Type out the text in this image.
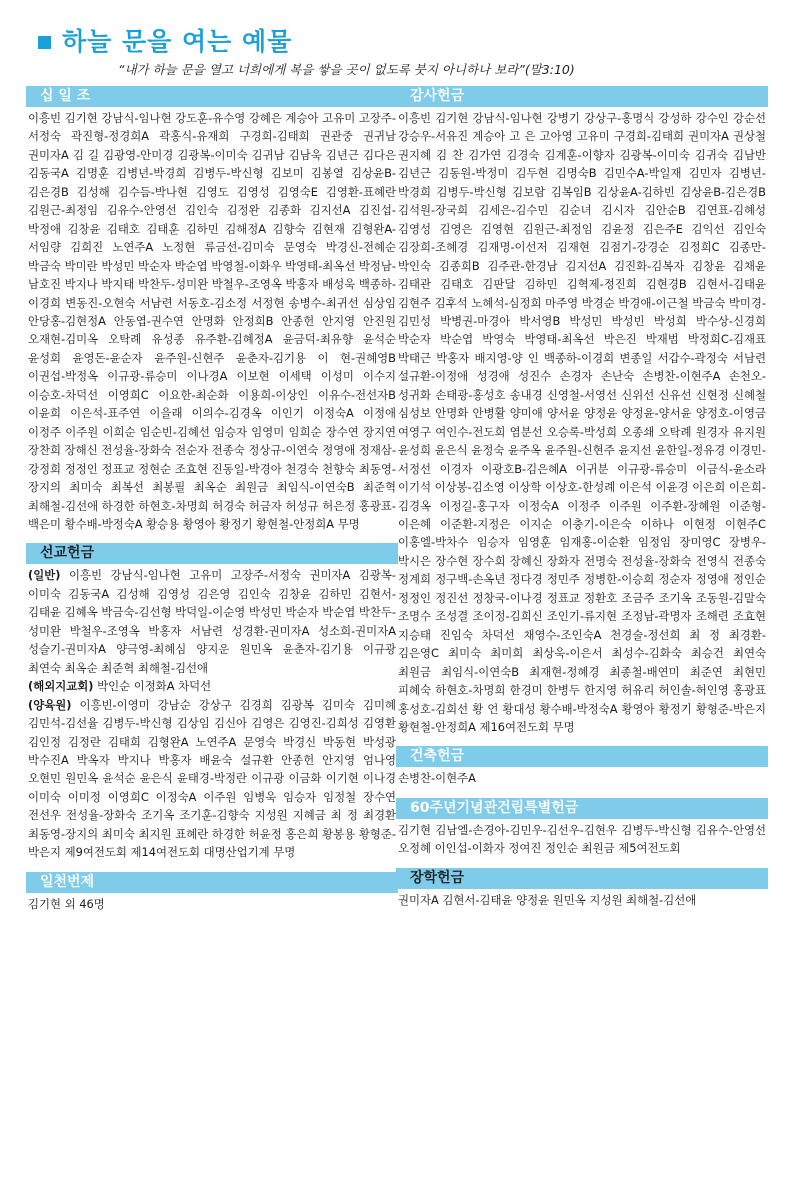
하늘 문을 여는 예물
“내가 하늘 문을 열고 너희에게 복을 쌓을 곳이 없도록 붓지 아니하나 보라”(말3:10)
십 일 조
이흥빈 김기현 강남식-임나현 강도훈-유수영 강혜은 계승아 고유미 고장주-서정숙 곽진형-정경희A 곽홍식-유재희 구경희-김태희 권관중 권귀남 권미자A 김 길 김광영-안미경 김광복-이미숙 김귀남 김남욱 김년근 김다은 김동국A 김명훈 김병년-박경희 김병두-박신형 김보미 김봉열 김상윤B-김은경B 김성해 김수듬-박나현 김영도 김영성 김영숙E 김영환-표혜란 김원근-최정임 김유수-안영선 김인숙 김정완 김종화 김지선A 김진섭-박정애 김창윤 김태호 김태훈 김하민 김해정A 김향숙 김현재 김형완A-서임량 김희진 노연주A 노정현 류금선-김미숙 문영숙 박경신-전혜순 박금숙 박미란 박성민 박순자 박순엽 박영철-이화우 박영태-최옥선 박정남-남호진 박지나 박지태 박찬두-성미완 박철우-조영옥 박홍자 배성욱 백종하-이경희 변동진-오현숙 서남련 서동호-김소정 서정현 송병수-최귀선 심상임 안당홍-김현정A 안동엽-권수연 안명화 안정희B 안종헌 안지영 안진원 오재현-김미옥 오탁례 유성종 유주환-김혜정A 윤금덕-최유향 윤석순 윤성희 윤영돈-윤순자 윤주원-신현주 윤춘자-김기용 이 현-권혜영B 이권섭-박정옥 이규광-류승미 이나경A 이보현 이세택 이성미 이수지 이승호-차덕선 이영희C 이요한-최순화 이용희-이상인 이유수-전선자B 이윤희 이은석-표주연 이을래 이의수-김경옥 이인기 이정숙A 이정애 이정주 이주원 이희순 임순빈-김혜선 임승자 임영미 임희순 장수연 장지연 장찬희 장해신 전성율-장화숙 전순자 전종숙 정상규-이연숙 정영애 정재삼-강정희 정정인 정표교 정현순 조효현 진동일-박경아 천경숙 천향숙 최동영-장지의 최미숙 최복선 최봉필 최옥순 최원금 최임식-이연숙B 최준혁 최해철-김선애 하경한 하현호-차명희 허경숙 허금자 허성규 허은정 홍광표-백은미 황수배-박정숙A 황승용 황영아 황정기 황현철-안정희A 무명
선교헌금
(일반) 이흥빈 강남식-임나현 고유미 고장주-서정숙 권미자A 김광복-이미숙 김동국A 김성해 김영성 김은영 김인숙 김창윤 김하민 김현서-김태윤 김혜옥 박금숙-김선형 박덕일-이순영 박성민 박순자 박순엽 박찬두-성미완 박철우-조영옥 박홍자 서남련 성경환-권미자A 성소희-권미자A 성슬기-권미자A 양극영-최혜심 양지운 원민옥 윤춘자-김기용 이규광 최연숙 최옥순 최준혁 최해철-김선애
(해외지교회) 박인순 이정화A 차덕선
(양육원) 이흥빈-이영미 강남순 강상구 김경희 김광복 김미숙 김미혜 김민석-김선율 김병두-박신형 김상임 김신아 김영은 김영진-김희성 김영환 김인정 김정란 김태희 김형완A 노연주A 문영숙 박경신 박동현 박성광 박수진A 박옥자 박지나 박홍자 배윤숙 설규환 안종헌 안지영 엄나영 오현민 원민옥 윤석순 윤은식 윤태경-박정란 이규광 이금화 이기현 이나경 이미숙 이미정 이영희C 이정숙A 이주원 임병욱 임승자 임정철 장수연 전선우 전성율-장화숙 조기옥 조기훈-김향숙 지성원 지혜금 최 정 최경환 최동영-장지의 최미숙 최지원 표혜란 하경한 허윤정 홍은희 황봉용 황형준-박은지 제9여전도회 제14여전도회 대명산업기계 무명
일천번제
김기현 외 46명
감사헌금
이흥빈 김기현 강남식-임나현 강병기 강상구-홍명식 강성하 강수인 강순선 강승우-서유진 계승아 고 은 고아영 고유미 구경희-김태희 권미자A 권상철 권지혜 김 찬 김가연 김경숙 김계훈-이향자 김광복-이미숙 김귀숙 김남반 김년근 김동원-박정미 김두현 김명숙B 김민수A-박일재 김민자 김병년-박경희 김병두-박신형 김보람 김복임B 김상윤A-김하빈 김상윤B-김은경B 김석원-장국희 김세은-김수민 김순녀 김시자 김안순B 김연표-김혜성 김영성 김영은 김영현 김원근-최정임 김윤정 김은주E 김익선 김인숙 김장희-조혜경 김재명-이선저 김재현 김점기-강경순 김정희C 김종만-박인숙 김종희B 김주관-한경남 김지선A 김진화-김복자 김창윤 김채윤 김태관 김태호 김판달 김하민 김혁제-정진희 김현경B 김현서-김태윤 김현주 김후석 노혜석-심정희 마주영 박경순 박경애-이근철 박금숙 박미경-김민성 박병권-마경아 박서영B 박성민 박성빈 박성희 박수상-신경희 박순자 박순엽 박영숙 박영태-최옥선 박은진 박재범 박정희C-김재표 박태근 박홍자 배지영-양 인 백종하-이경희 변종일 서갑수-곽정숙 서남련 설규환-이정애 성경애 성진수 손경자 손난숙 손병찬-이현주A 손천오-성귀화 손태광-홍성호 송내경 신영철-서영선 신위선 신유선 신현정 신혜철 심성보 안명화 안병활 양미애 양서윤 양정윤 양정윤-양서윤 양정호-이영금 여영구 여인수-전도희 염분선 오승록-박성희 오종쇄 오탁례 원경자 유지원 윤성희 윤은식 윤정숙 윤주옥 윤주원-신현주 윤지선 윤한일-정유경 이경민-서정선 이경자 이광호B-김은혜A 이귀분 이규광-류승미 이금식-윤소라 이기석 이상봉-김소영 이상학 이상호-한성례 이은석 이윤경 이은희 이은희-김경옥 이정길-홍구자 이정숙A 이정주 이주원 이주환-장혜원 이준형-이은혜 이준환-지정은 이지순 이충기-이은숙 이하나 이현정 이현주C 이홍엘-박차수 임승자 임영훈 임재홍-이순환 임정임 장미영C 장병우-박시은 장수현 장수희 장혜신 장화자 전명숙 전성율-장화숙 전영식 전종숙 정계희 정구백-손옥년 정다경 정민주 정병한-이승희 정순자 정영애 정인순 정정인 정진선 정창국-이나경 정표교 정환호 조금주 조기옥 조동원-김말숙 조명수 조성결 조이정-김희신 조인기-류지현 조정남-곽명자 조해련 조효현 지승태 진임숙 차덕선 채영수-조인숙A 천경술-정선희 최 정 최경환-김은영C 최미숙 최미희 최상욱-이은서 최성수-김화숙 최승건 최연숙 최원금 최임식-이연숙B 최재현-정혜경 최종철-배연미 최준연 최현민 피혜숙 하현호-차명희 한경미 한병두 한지영 허유리 허인솔-허인영 홍광표 홍성호-김희선 황 언 황대성 황수배-박정숙A 황영아 황정기 황형준-박은지 황현철-안정희A 제16여전도회 무명
건축헌금
손병찬-이현주A
60주년기념관건립특별헌금
김기현 김남엘-손경아-김민우-김선우-김현우 김병두-박신형 김유수-안영선 오정혜 이인섭-이화자 정여진 정인순 최원금 제5여전도회
장학헌금
권미자A 김현서-김태윤 양정윤 원민옥 지성원 최해철-김선애
